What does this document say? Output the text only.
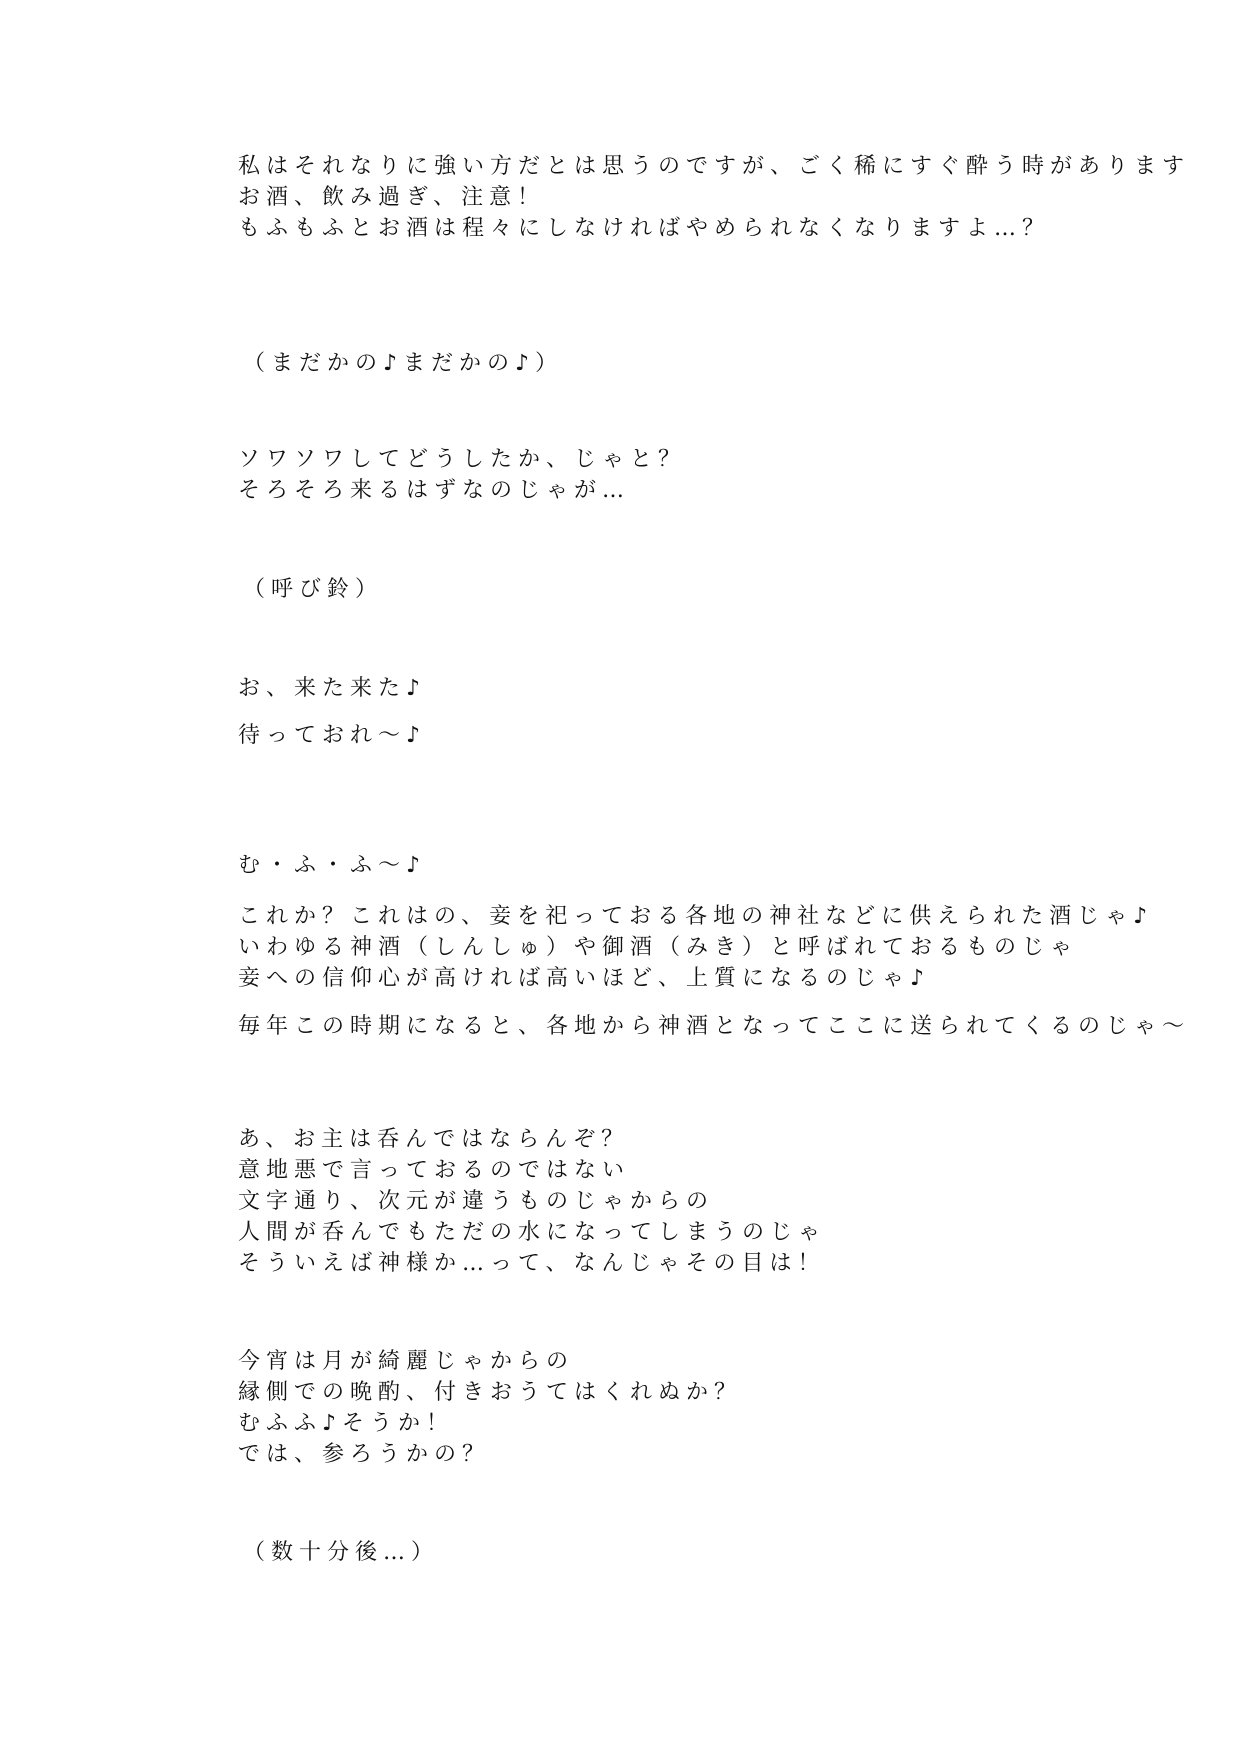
私はそれなりに強い方だとは思うのですが、ごく稀にすぐ酔う時があります
お酒、飲み過ぎ、注意！
もふもふとお酒は程々にしなければやめられなくなりますよ…？
（まだかの♪まだかの♪）
ソワソワしてどうしたか、じゃと？
そろそろ来るはずなのじゃが…
（呼び鈴）
お、来た来た♪
待っておれ〜♪
む・ふ・ふ〜♪
これか？これはの、妾を祀っておる各地の神社などに供えられた酒じゃ♪
いわゆる神酒（しんしゅ）や御酒（みき）と呼ばれておるものじゃ
妾への信仰心が高ければ高いほど、上質になるのじゃ♪
毎年この時期になると、各地から神酒となってここに送られてくるのじゃ〜
あ、お主は呑んではならんぞ？
意地悪で言っておるのではない
文字通り、次元が違うものじゃからの
人間が呑んでもただの水になってしまうのじゃ
そういえば神様か…って、なんじゃその目は！
今宵は月が綺麗じゃからの
縁側での晩酌、付きおうてはくれぬか？
むふふ♪そうか！
では、参ろうかの？
（数十分後…）
